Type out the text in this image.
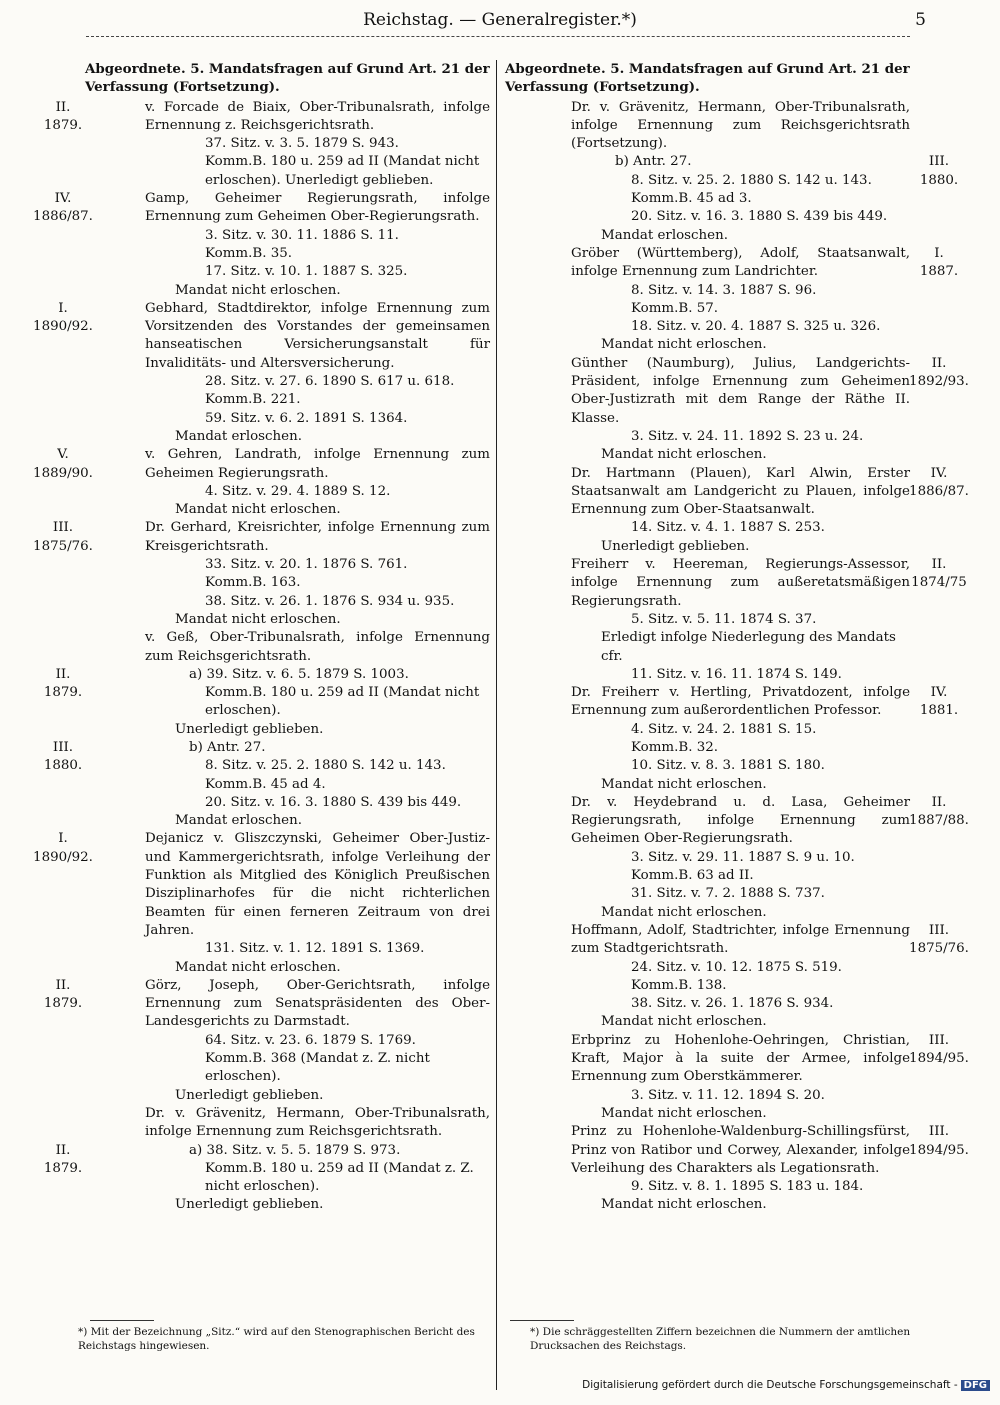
Reichstag. — Generalregister.*)	5
Abgeordnete. 5. Mandatsfragen auf Grund Art. 21 der Verfassung (Fortsetzung).
II.
1879.
v. Forcade de Biaix, Ober-Tribunalsrath, infolge Ernennung z. Reichsgerichtsrath.
37. Sitz. v. 3. 5. 1879 S. 943.
Komm.B. 180 u. 259 ad II (Mandat nicht erloschen). Unerledigt geblieben.
IV.
1886/87.
Gamp, Geheimer Regierungsrath, infolge Ernennung zum Geheimen Ober-Regierungsrath.
3. Sitz. v. 30. 11. 1886 S. 11.
Komm.B. 35.
17. Sitz. v. 10. 1. 1887 S. 325.
Mandat nicht erloschen.
I.
1890/92.
Gebhard, Stadtdirektor, infolge Ernennung zum Vorsitzenden des Vorstandes der gemeinsamen hanseatischen Versicherungsanstalt für Invaliditäts- und Altersversicherung.
28. Sitz. v. 27. 6. 1890 S. 617 u. 618.
Komm.B. 221.
59. Sitz. v. 6. 2. 1891 S. 1364.
Mandat erloschen.
V.
1889/90.
v. Gehren, Landrath, infolge Ernennung zum Geheimen Regierungsrath.
4. Sitz. v. 29. 4. 1889 S. 12.
Mandat nicht erloschen.
III.
1875/76.
Dr. Gerhard, Kreisrichter, infolge Ernennung zum Kreisgerichtsrath.
33. Sitz. v. 20. 1. 1876 S. 761.
Komm.B. 163.
38. Sitz. v. 26. 1. 1876 S. 934 u. 935.
Mandat nicht erloschen.
v. Geß, Ober-Tribunalsrath, infolge Ernennung zum Reichsgerichtsrath.
II.
1879.
a) 39. Sitz. v. 6. 5. 1879 S. 1003.
Komm.B. 180 u. 259 ad II (Mandat nicht erloschen).
Unerledigt geblieben.
III.
1880.
b) Antr. 27.
8. Sitz. v. 25. 2. 1880 S. 142 u. 143.
Komm.B. 45 ad 4.
20. Sitz. v. 16. 3. 1880 S. 439 bis 449.
Mandat erloschen.
I.
1890/92.
Dejanicz v. Gliszczynski, Geheimer Ober-Justiz- und Kammergerichtsrath, infolge Verleihung der Funktion als Mitglied des Königlich Preußischen Disziplinarhofes für die nicht richterlichen Beamten für einen ferneren Zeitraum von drei Jahren.
131. Sitz. v. 1. 12. 1891 S. 1369.
Mandat nicht erloschen.
II.
1879.
Görz, Joseph, Ober-Gerichtsrath, infolge Ernennung zum Senatspräsidenten des Ober-Landesgerichts zu Darmstadt.
64. Sitz. v. 23. 6. 1879 S. 1769.
Komm.B. 368 (Mandat z. Z. nicht erloschen).
Unerledigt geblieben.
Dr. v. Grävenitz, Hermann, Ober-Tribunalsrath, infolge Ernennung zum Reichsgerichtsrath.
II.
1879.
a) 38. Sitz. v. 5. 5. 1879 S. 973.
Komm.B. 180 u. 259 ad II (Mandat z. Z. nicht erloschen).
Unerledigt geblieben.
Abgeordnete. 5. Mandatsfragen auf Grund Art. 21 der Verfassung (Fortsetzung).
Dr. v. Grävenitz, Hermann, Ober-Tribunalsrath, infolge Ernennung zum Reichsgerichtsrath (Fortsetzung).
III.
1880.
b) Antr. 27.
8. Sitz. v. 25. 2. 1880 S. 142 u. 143.
Komm.B. 45 ad 3.
20. Sitz. v. 16. 3. 1880 S. 439 bis 449.
Mandat erloschen.
I.
1887.
Gröber (Württemberg), Adolf, Staatsanwalt, infolge Ernennung zum Landrichter.
8. Sitz. v. 14. 3. 1887 S. 96.
Komm.B. 57.
18. Sitz. v. 20. 4. 1887 S. 325 u. 326.
Mandat nicht erloschen.
II.
1892/93.
Günther (Naumburg), Julius, Landgerichts-Präsident, infolge Ernennung zum Geheimen Ober-Justizrath mit dem Range der Räthe II. Klasse.
3. Sitz. v. 24. 11. 1892 S. 23 u. 24.
Mandat nicht erloschen.
IV.
1886/87.
Dr. Hartmann (Plauen), Karl Alwin, Erster Staatsanwalt am Landgericht zu Plauen, infolge Ernennung zum Ober-Staatsanwalt.
14. Sitz. v. 4. 1. 1887 S. 253.
Unerledigt geblieben.
II.
1874/75
Freiherr v. Heereman, Regierungs-Assessor, infolge Ernennung zum außeretatsmäßigen Regierungsrath.
5. Sitz. v. 5. 11. 1874 S. 37.
Erledigt infolge Niederlegung des Mandats cfr.
11. Sitz. v. 16. 11. 1874 S. 149.
IV.
1881.
Dr. Freiherr v. Hertling, Privatdozent, infolge Ernennung zum außerordentlichen Professor.
4. Sitz. v. 24. 2. 1881 S. 15.
Komm.B. 32.
10. Sitz. v. 8. 3. 1881 S. 180.
Mandat nicht erloschen.
II.
1887/88.
Dr. v. Heydebrand u. d. Lasa, Geheimer Regierungsrath, infolge Ernennung zum Geheimen Ober-Regierungsrath.
3. Sitz. v. 29. 11. 1887 S. 9 u. 10.
Komm.B. 63 ad II.
31. Sitz. v. 7. 2. 1888 S. 737.
Mandat nicht erloschen.
III.
1875/76.
Hoffmann, Adolf, Stadtrichter, infolge Ernennung zum Stadtgerichtsrath.
24. Sitz. v. 10. 12. 1875 S. 519.
Komm.B. 138.
38. Sitz. v. 26. 1. 1876 S. 934.
Mandat nicht erloschen.
III.
1894/95.
Erbprinz zu Hohenlohe-Oehringen, Christian, Kraft, Major à la suite der Armee, infolge Ernennung zum Oberstkämmerer.
3. Sitz. v. 11. 12. 1894 S. 20.
Mandat nicht erloschen.
III.
1894/95.
Prinz zu Hohenlohe-Waldenburg-Schillingsfürst, Prinz von Ratibor und Corwey, Alexander, infolge Verleihung des Charakters als Legationsrath.
9. Sitz. v. 8. 1. 1895 S. 183 u. 184.
Mandat nicht erloschen.
*) Mit der Bezeichnung „Sitz.“ wird auf den Stenographischen Bericht des Reichstags hingewiesen.
*) Die schräggestellten Ziffern bezeichnen die Nummern der amtlichen Drucksachen des Reichstags.
Digitalisierung gefördert durch die Deutsche Forschungsgemeinschaft - DFG
